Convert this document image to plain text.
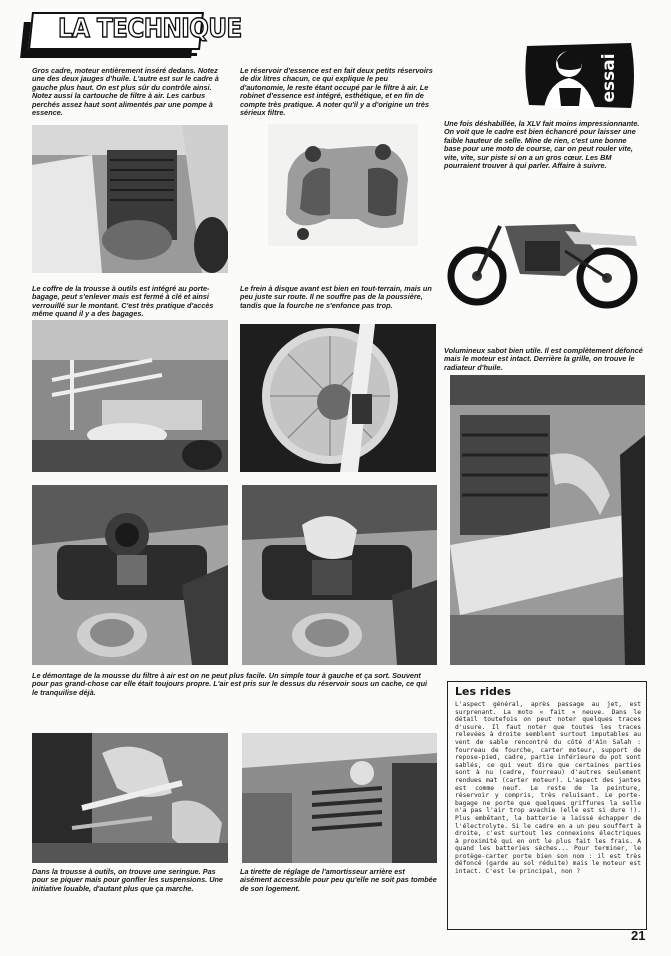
LA TECHNIQUE
essai

Gros cadre, moteur entièrement inséré dedans. Notez une des deux jauges d'huile. L'autre est sur le cadre à gauche plus haut. On est plus sûr du contrôle ainsi. Notez aussi la cartouche de filtre à air. Les carbus perchés assez haut sont alimentés par une pompe à essence.

Le réservoir d'essence est en fait deux petits réservoirs de dix litres chacun, ce qui explique le peu d'autonomie, le reste étant occupé par le filtre à air. Le robinet d'essence est intégré, esthétique, et en fin de compte très pratique. A noter qu'il y a d'origine un très sérieux filtre.

Une fois déshabillée, la XLV fait moins impressionnante. On voit que le cadre est bien échancré pour laisser une faible hauteur de selle. Mine de rien, c'est une bonne base pour une moto de course, car on peut rouler vite, vite, vite, sur piste si on a un gros cœur. Les BM pourraient trouver à qui parler. Affaire à suivre.

Le coffre de la trousse à outils est intégré au porte-bagage, peut s'enlever mais est fermé à clé et ainsi verrouillé sur le montant. C'est très pratique d'accès même quand il y a des bagages.

Le frein à disque avant est bien en tout-terrain, mais un peu juste sur route. Il ne souffre pas de la poussière, tandis que la fourche ne s'enfonce pas trop.

Volumineux sabot bien utile. Il est complètement défoncé mais le moteur est intact. Derrière la grille, on trouve le radiateur d'huile.

Le démontage de la mousse du filtre à air est on ne peut plus facile. Un simple tour à gauche et ça sort. Souvent pour pas grand-chose car elle était toujours propre. L'air est pris sur le dessus du réservoir sous un cache, ce qui le tranquilise déjà.

Dans la trousse à outils, on trouve une seringue. Pas pour se piquer mais pour gonfler les suspensions. Une initiative louable, d'autant plus que ça marche.

La tirette de réglage de l'amortisseur arrière est aisément accessible pour peu qu'elle ne soit pas tombée de son logement.

Les rides

L'aspect général, après passage au jet, est surprenant. La moto « fait » neuve. Dans le détail toutefois on peut noter quelques traces d'usure. Il faut noter que toutes les traces relevées à droite semblent surtout imputables au vent de sable rencontré du côté d'Aïn Salah : fourreau de fourche, carter moteur, support de repose-pied, cadre, partie inférieure du pot sont sablés, ce qui veut dire que certaines parties sont à nu (cadre, fourreau) d'autres seulement rendues mat (carter moteur). L'aspect des jantes est comme neuf. Le reste de la peinture, réservoir y compris, très reluisant. Le porte-bagage ne porte que quelques griffures la selle n'a pas l'air trop avachie (elle est si dure !). Plus embêtant, la batterie a laissé échapper de l'électrolyte. Si le cadre en a un peu souffert à droite, c'est surtout les connexions électriques à proximité qui en ont le plus fait les frais. A quand les batteries sèches... Pour terminer, le protège-carter porte bien son nom : il est très défoncé (garde au sol réduite) mais le moteur est intact. C'est le principal, non ?

21
